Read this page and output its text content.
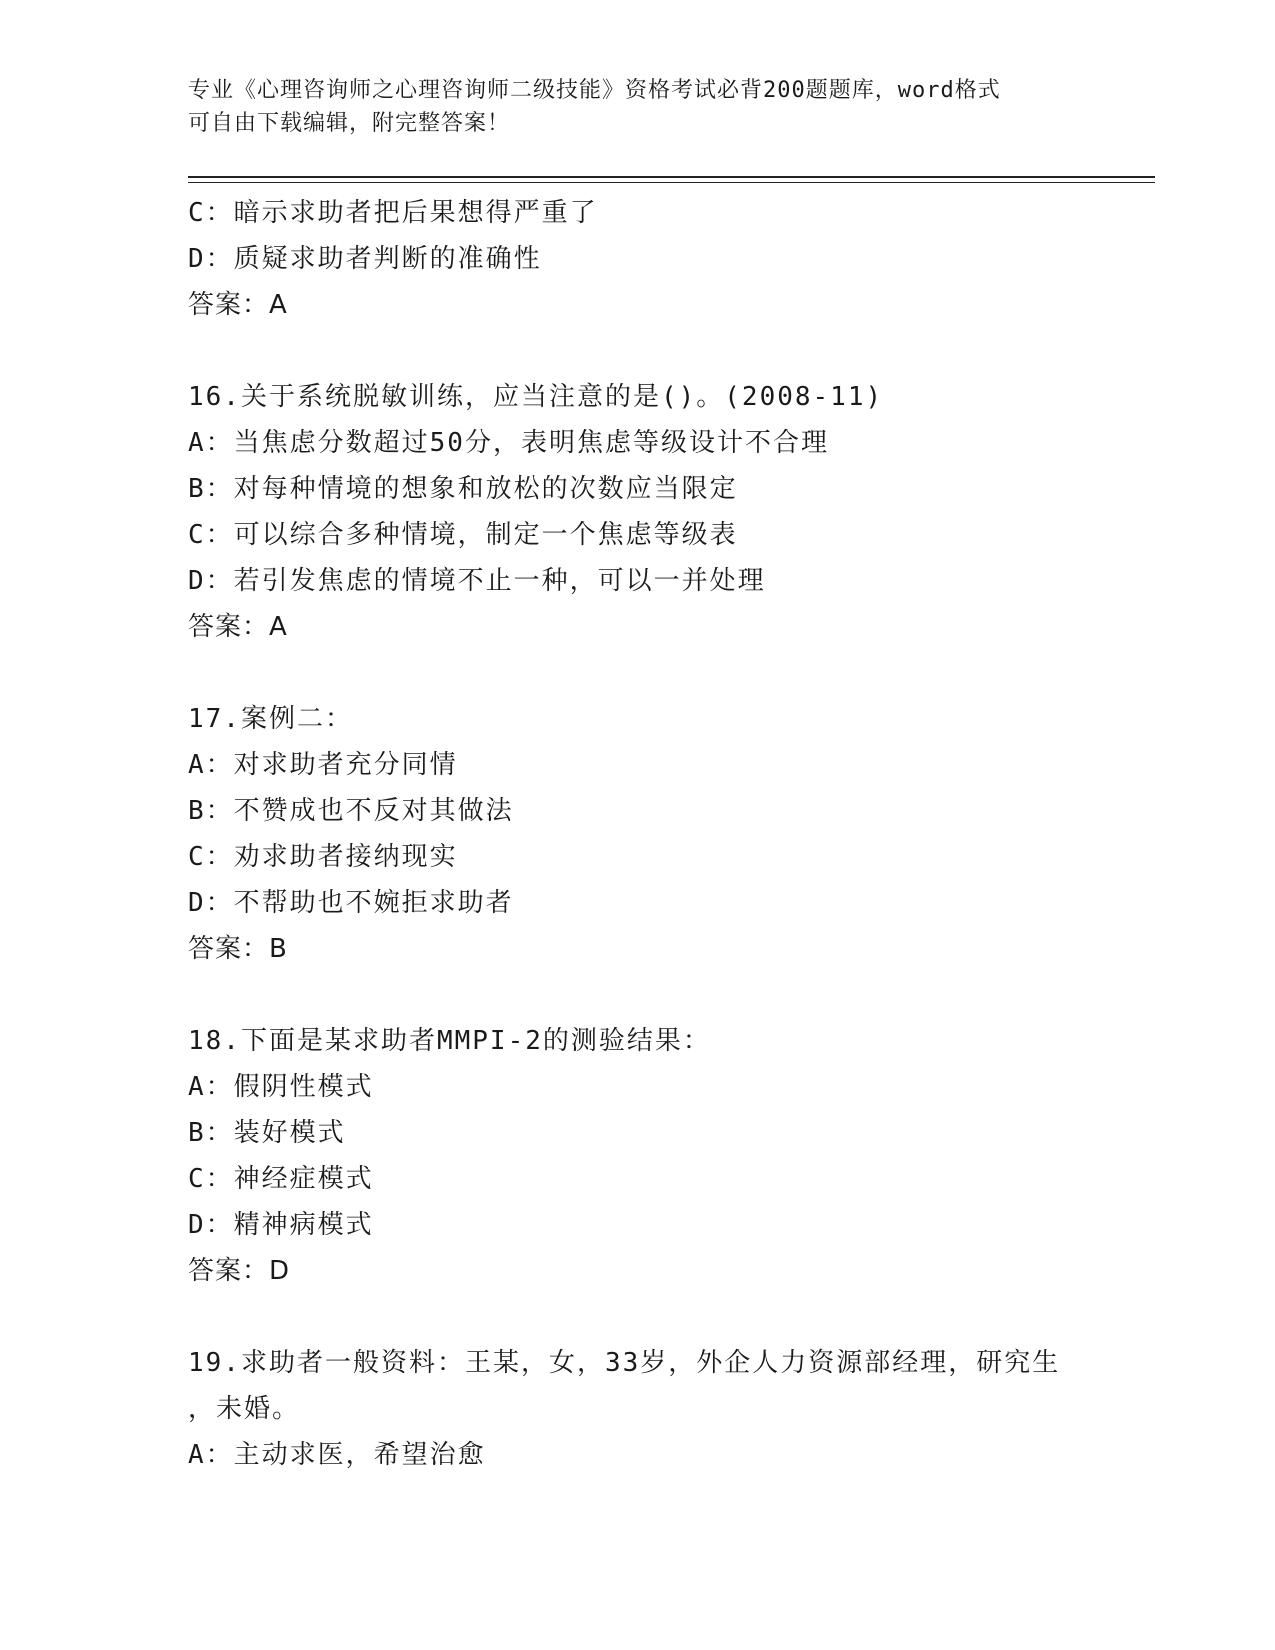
专业《心理咨询师之心理咨询师二级技能》资格考试必背200题题库，word格式
可自由下载编辑，附完整答案！
C：暗示求助者把后果想得严重了
D：质疑求助者判断的准确性
答案：A
16.关于系统脱敏训练，应当注意的是()。(2008-11)
A：当焦虑分数超过50分，表明焦虑等级设计不合理
B：对每种情境的想象和放松的次数应当限定
C：可以综合多种情境，制定一个焦虑等级表
D：若引发焦虑的情境不止一种，可以一并处理
答案：A
17.案例二：
A：对求助者充分同情
B：不赞成也不反对其做法
C：劝求助者接纳现实
D：不帮助也不婉拒求助者
答案：B
18.下面是某求助者MMPI-2的测验结果：
A：假阴性模式
B：装好模式
C：神经症模式
D：精神病模式
答案：D
19.求助者一般资料：王某，女，33岁，外企人力资源部经理，研究生
，未婚。
A：主动求医，希望治愈
